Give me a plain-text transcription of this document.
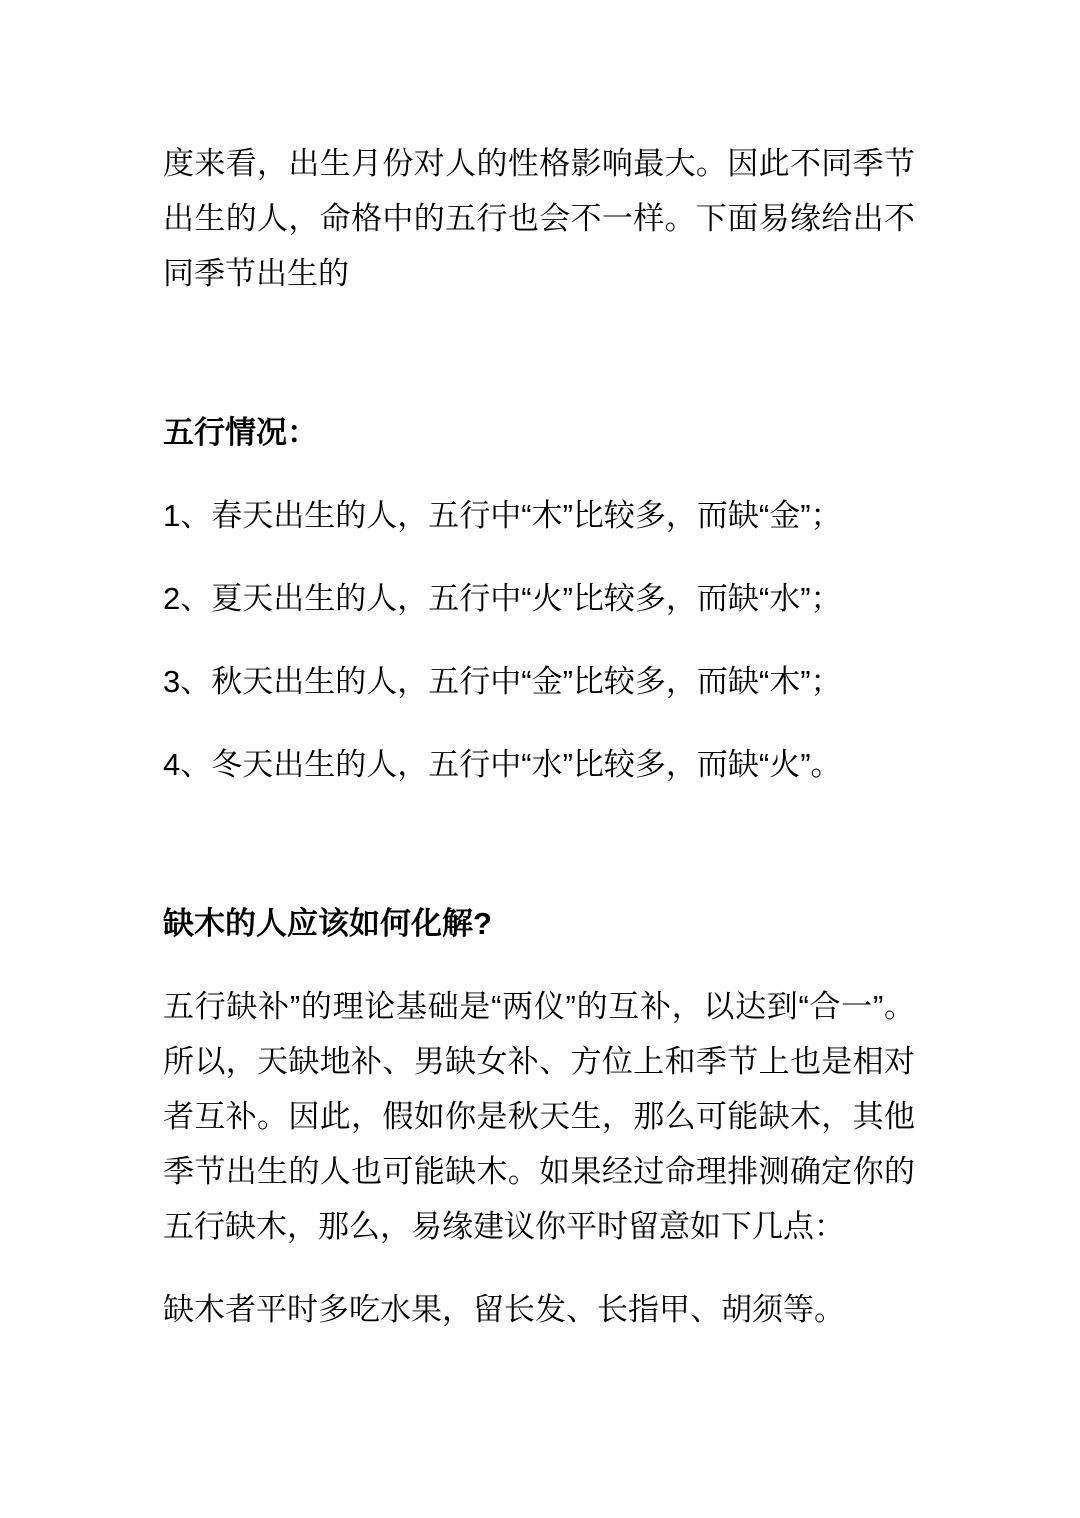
度来看，出生月份对人的性格影响最大。因此不同季节出生的人，命格中的五行也会不一样。下面易缘给出不同季节出生的

五行情况：

1、春天出生的人，五行中“木”比较多，而缺“金”；

2、夏天出生的人，五行中“火”比较多，而缺“水”；

3、秋天出生的人，五行中“金”比较多，而缺“木”；

4、冬天出生的人，五行中“水”比较多，而缺“火”。

缺木的人应该如何化解?

五行缺补”的理论基础是“两仪”的互补，以达到“合一”。所以，天缺地补、男缺女补、方位上和季节上也是相对者互补。因此，假如你是秋天生，那么可能缺木，其他季节出生的人也可能缺木。如果经过命理排测确定你的五行缺木，那么，易缘建议你平时留意如下几点：

缺木者平时多吃水果，留长发、长指甲、胡须等。
